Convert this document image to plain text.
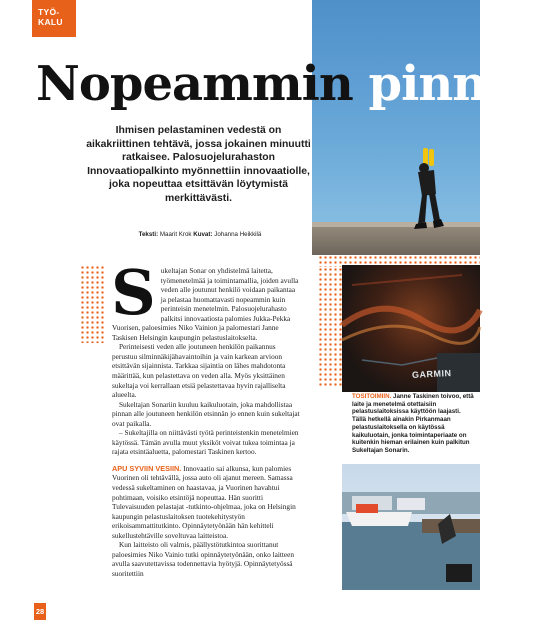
TYÖ-
KALU
Nopeammin pinnan
Ihmisen pelastaminen vedestä on aikakriittinen tehtävä, jossa jokainen minuutti ratkaisee. Palosuojelurahaston Innovaatiopalkinto myönnettiin innovaatiolle, joka nopeuttaa etsittävän löytymistä merkittävästi.
Teksti: Maarit Krok Kuvat: Johanna Heikkilä

Sukeltajan Sonar on yhdistelmä laitetta, työmenetelmää ja toimintamallia, joiden avulla veden alle joutunut henkilö voidaan paikantaa ja pelastaa huomattavasti nopeammin kuin perinteisin menetelmin. Palosuojelurahasto palkitsi innovaatiosta palomies Jukka-Pekka Vuorisen, paloesimies Niko Vainion ja palomestari Janne Taskisen Helsingin kaupungin pelastuslaitokselta.

Perinteisesti veden alle joutuneen henkilön paikannus perustuu silminnäkijähavaintoihin ja vain karkean arvioon etsittävän sijainnista. Tarkkaa sijaintia on lähes mahdotonta määrittää, kun pelastettava on veden alla. Myös yksittäinen sukeltaja voi kerrallaan etsiä pelastettavaa hyvin rajalliselta alueelta.

Sukeltajan Sonariin kuuluu kaikuluotain, joka mahdollistaa pinnan alle joutuneen henkilön etsinnän jo ennen kuin sukeltajat ovat paikalla.

– Sukeltajilla on niittävästi työtä perinteistenkin menetelmien käytössä. Tämän avulla muut yksiköt voivat tukea toimintaa ja rajata etsintäaluetta, palomestari Taskinen kertoo.

APU SYVIIN VESIIN. Innovaatio sai alkunsa, kun palomies Vuorinen oli tehtävällä, jossa auto oli ajanut mereen. Samassa vedessä sukeltaminen on haastavaa, ja Vuorinen havahtui pohtimaan, voisiko etsintöjä nopeuttaa. Hän suoritti Tulevaisuuden pelastajat -tutkinto-ohjelmaa, joka on Helsingin kaupungin pelastuslaitoksen tuotekehitystyön erikoisammattitutkinto. Opinnäytetyönään hän kehitteli sukellustehtäville soveltuvaa laitteistoa.

Kun laitteisto oli valmis, päällystötutkintoa suorittanut paloesimies Niko Vainio tutki opinnäytetyönään, onko laitteen avulla saavutettavissa todennettavia hyötyjä. Opinnäytetyössä suoritettiin

GARMIN
TOSITOIMIIN. Janne Taskinen toivoo, että laite ja menetelmä otettaisiin pelastuslaitoksissa käyttöön laajasti. Tällä hetkellä ainakin Pirkanmaan pelastuslaitoksella on käytössä kaikuluotain, jonka toimintaperiaate on kuitenkin hieman erilainen kuin palkitun Sukeltajan Sonarin.
28
